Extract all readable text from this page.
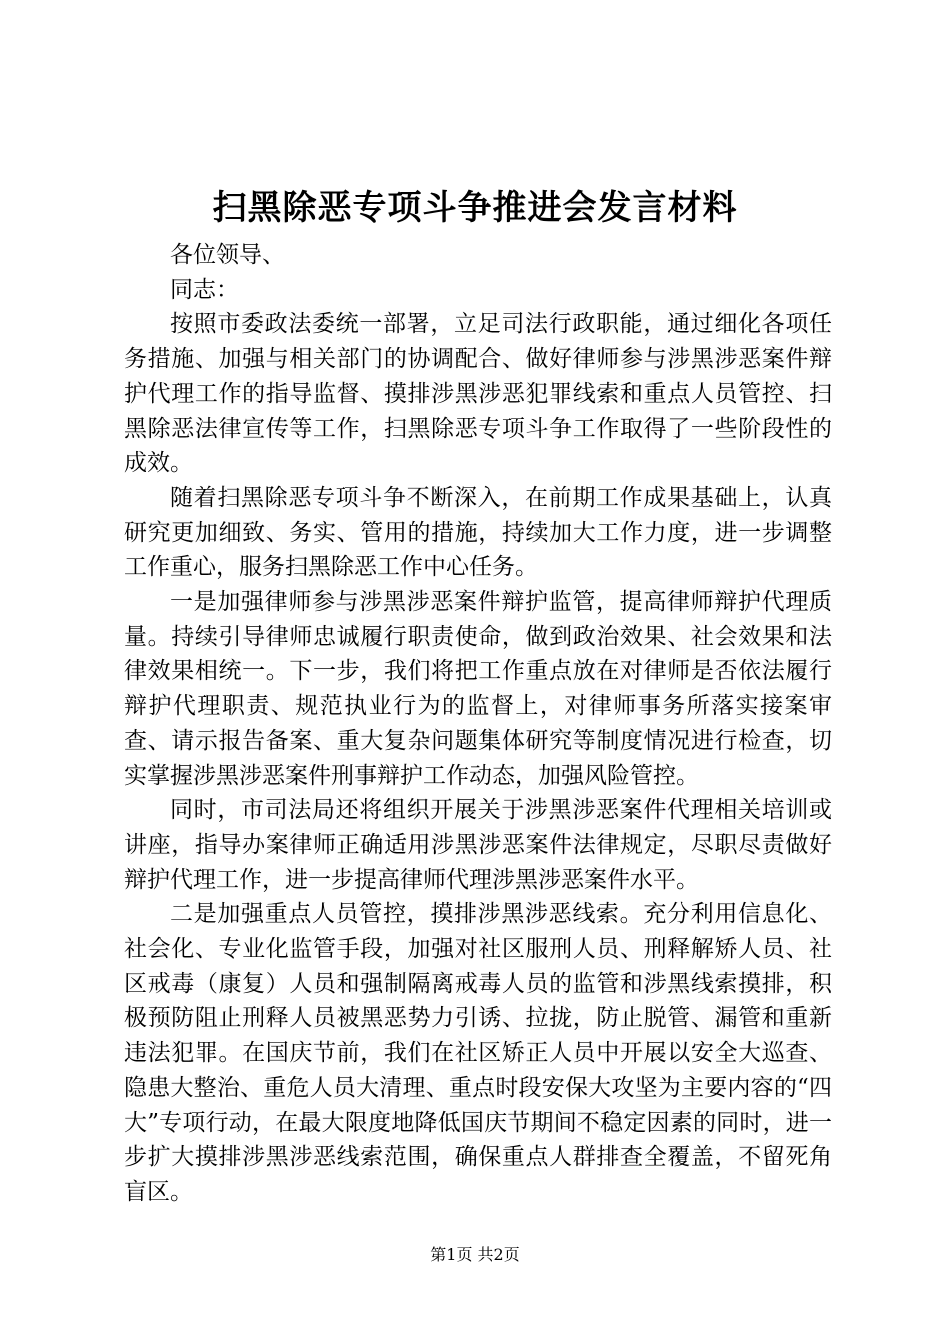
扫黑除恶专项斗争推进会发言材料

各位领导、

同志：

按照市委政法委统一部署，立足司法行政职能，通过细化各项任务措施、加强与相关部门的协调配合、做好律师参与涉黑涉恶案件辩护代理工作的指导监督、摸排涉黑涉恶犯罪线索和重点人员管控、扫黑除恶法律宣传等工作，扫黑除恶专项斗争工作取得了一些阶段性的成效。

随着扫黑除恶专项斗争不断深入，在前期工作成果基础上，认真研究更加细致、务实、管用的措施，持续加大工作力度，进一步调整工作重心，服务扫黑除恶工作中心任务。

一是加强律师参与涉黑涉恶案件辩护监管，提高律师辩护代理质量。持续引导律师忠诚履行职责使命，做到政治效果、社会效果和法律效果相统一。下一步，我们将把工作重点放在对律师是否依法履行辩护代理职责、规范执业行为的监督上，对律师事务所落实接案审查、请示报告备案、重大复杂问题集体研究等制度情况进行检查，切实掌握涉黑涉恶案件刑事辩护工作动态，加强风险管控。

同时，市司法局还将组织开展关于涉黑涉恶案件代理相关培训或讲座，指导办案律师正确适用涉黑涉恶案件法律规定，尽职尽责做好辩护代理工作，进一步提高律师代理涉黑涉恶案件水平。

二是加强重点人员管控，摸排涉黑涉恶线索。充分利用信息化、社会化、专业化监管手段，加强对社区服刑人员、刑释解矫人员、社区戒毒（康复）人员和强制隔离戒毒人员的监管和涉黑线索摸排，积极预防阻止刑释人员被黑恶势力引诱、拉拢，防止脱管、漏管和重新违法犯罪。在国庆节前，我们在社区矫正人员中开展以安全大巡查、隐患大整治、重危人员大清理、重点时段安保大攻坚为主要内容的“四大”专项行动，在最大限度地降低国庆节期间不稳定因素的同时，进一步扩大摸排涉黑涉恶线索范围，确保重点人群排查全覆盖，不留死角盲区。

第1页 共2页
